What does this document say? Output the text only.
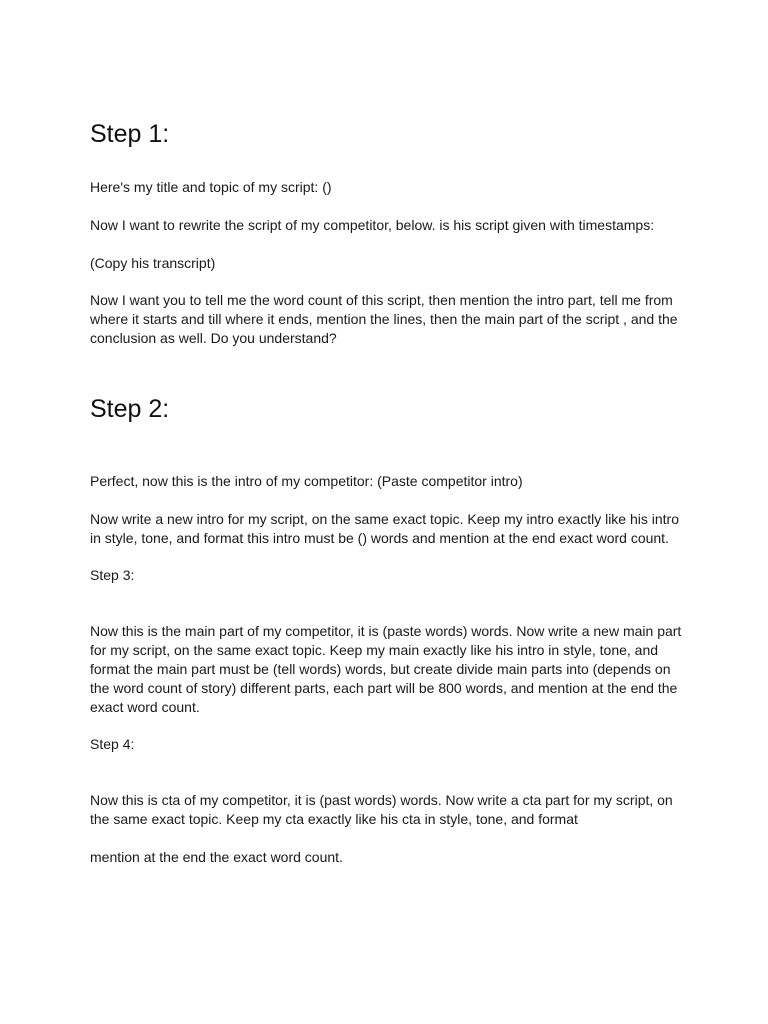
Step 1:

Here's my title and topic of my script: ()

Now I want to rewrite the script of my competitor, below. is his script given with timestamps:

(Copy his transcript)

Now I want you to tell me the word count of this script, then mention the intro part, tell me from where it starts and till where it ends, mention the lines, then the main part of the script , and the conclusion as well. Do you understand?

Step 2:

Perfect, now this is the intro of my competitor: (Paste competitor intro)

Now write a new intro for my script, on the same exact topic. Keep my intro exactly like his intro in style, tone, and format this intro must be () words and mention at the end exact word count.

Step 3:

Now this is the main part of my competitor, it is (paste words) words. Now write a new main part for my script, on the same exact topic. Keep my main exactly like his intro in style, tone, and format the main part must be (tell words) words, but create divide main parts into (depends on the word count of story) different parts, each part will be 800 words, and mention at the end the exact word count.

Step 4:

Now this is cta of my competitor, it is (past words) words. Now write a cta part for my script, on the same exact topic. Keep my cta exactly like his cta in style, tone, and format

mention at the end the exact word count.
